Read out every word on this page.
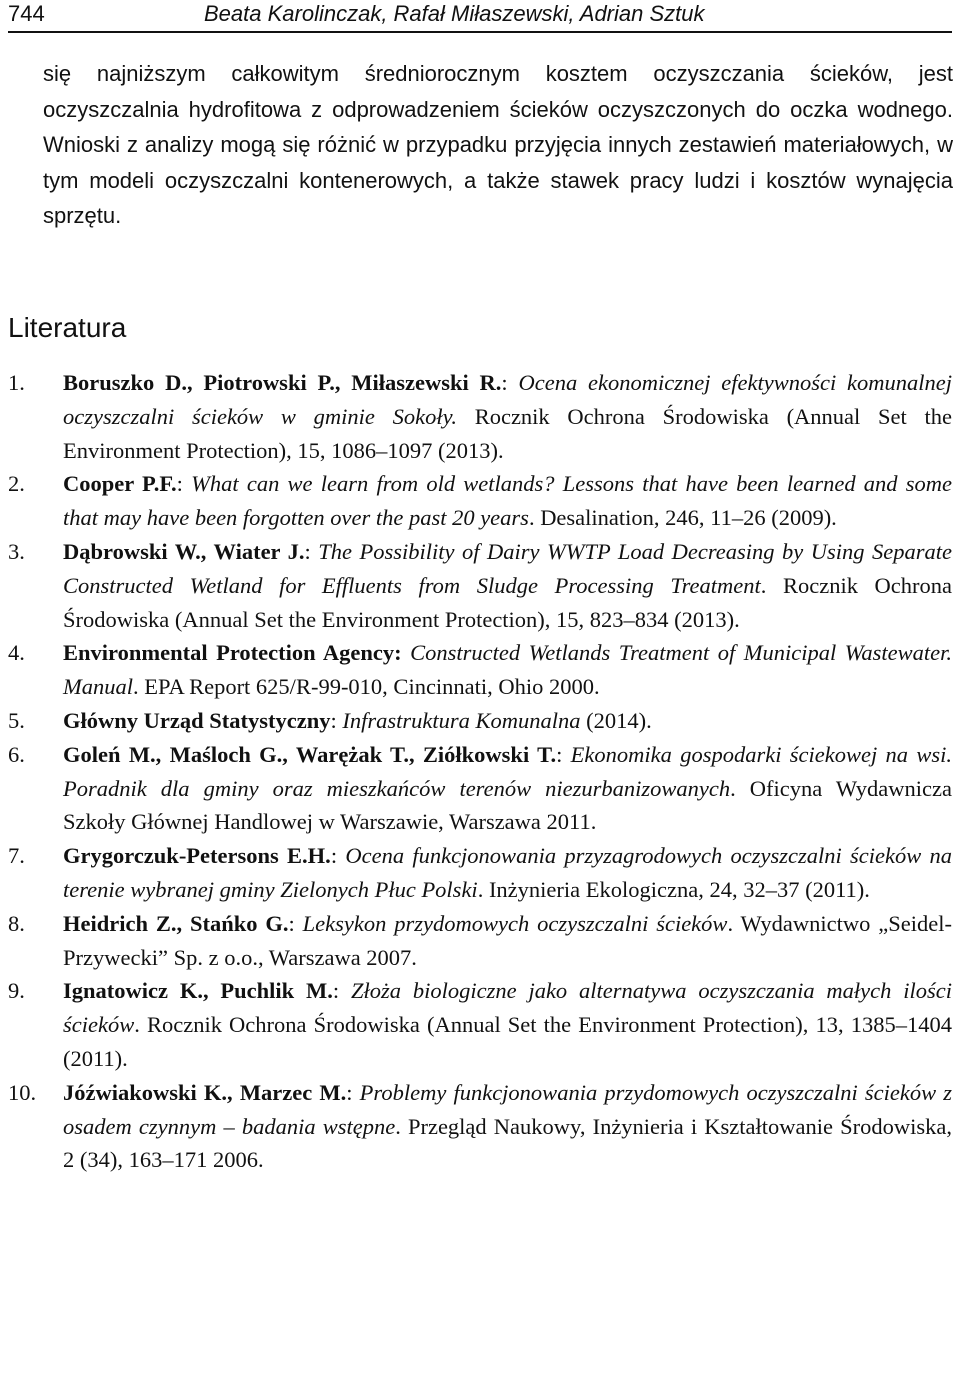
744	Beata Karolinczak, Rafał Miłaszewski, Adrian Sztuk

się najniższym całkowitym średniorocznym kosztem oczyszczania ścieków, jest oczyszczalnia hydrofitowa z odprowadzeniem ścieków oczyszczonych do oczka wodnego. Wnioski z analizy mogą się różnić w przypadku przyjęcia innych zestawień materiałowych, w tym modeli oczyszczalni kontenerowych, a także stawek pracy ludzi i kosztów wynajęcia sprzętu.

Literatura
1. Boruszko D., Piotrowski P., Miłaszewski R.: Ocena ekonomicznej efektywności komunalnej oczyszczalni ścieków w gminie Sokoły. Rocznik Ochrona Środowiska (Annual Set the Environment Protection), 15, 1086–1097 (2013).
2. Cooper P.F.: What can we learn from old wetlands? Lessons that have been learned and some that may have been forgotten over the past 20 years. Desalination, 246, 11–26 (2009).
3. Dąbrowski W., Wiater J.: The Possibility of Dairy WWTP Load Decreasing by Using Separate Constructed Wetland for Effluents from Sludge Processing Treatment. Rocznik Ochrona Środowiska (Annual Set the Environment Protection), 15, 823–834 (2013).
4. Environmental Protection Agency: Constructed Wetlands Treatment of Municipal Wastewater. Manual. EPA Report 625/R-99-010, Cincinnati, Ohio 2000.
5. Główny Urząd Statystyczny: Infrastruktura Komunalna (2014).
6. Goleń M., Maśloch G., Warężak T., Ziółkowski T.: Ekonomika gospodarki ściekowej na wsi. Poradnik dla gminy oraz mieszkańców terenów niezurbanizowanych. Oficyna Wydawnicza Szkoły Głównej Handlowej w Warszawie, Warszawa 2011.
7. Grygorczuk-Petersons E.H.: Ocena funkcjonowania przyzagrodowych oczyszczalni ścieków na terenie wybranej gminy Zielonych Płuc Polski. Inżynieria Ekologiczna, 24, 32–37 (2011).
8. Heidrich Z., Stańko G.: Leksykon przydomowych oczyszczalni ścieków. Wydawnictwo „Seidel-Przywecki” Sp. z o.o., Warszawa 2007.
9. Ignatowicz K., Puchlik M.: Złoża biologiczne jako alternatywa oczyszczania małych ilości ścieków. Rocznik Ochrona Środowiska (Annual Set the Environment Protection), 13, 1385–1404 (2011).
10. Jóźwiakowski K., Marzec M.: Problemy funkcjonowania przydomowych oczyszczalni ścieków z osadem czynnym – badania wstępne. Przegląd Naukowy, Inżynieria i Kształtowanie Środowiska, 2 (34), 163–171 2006.
